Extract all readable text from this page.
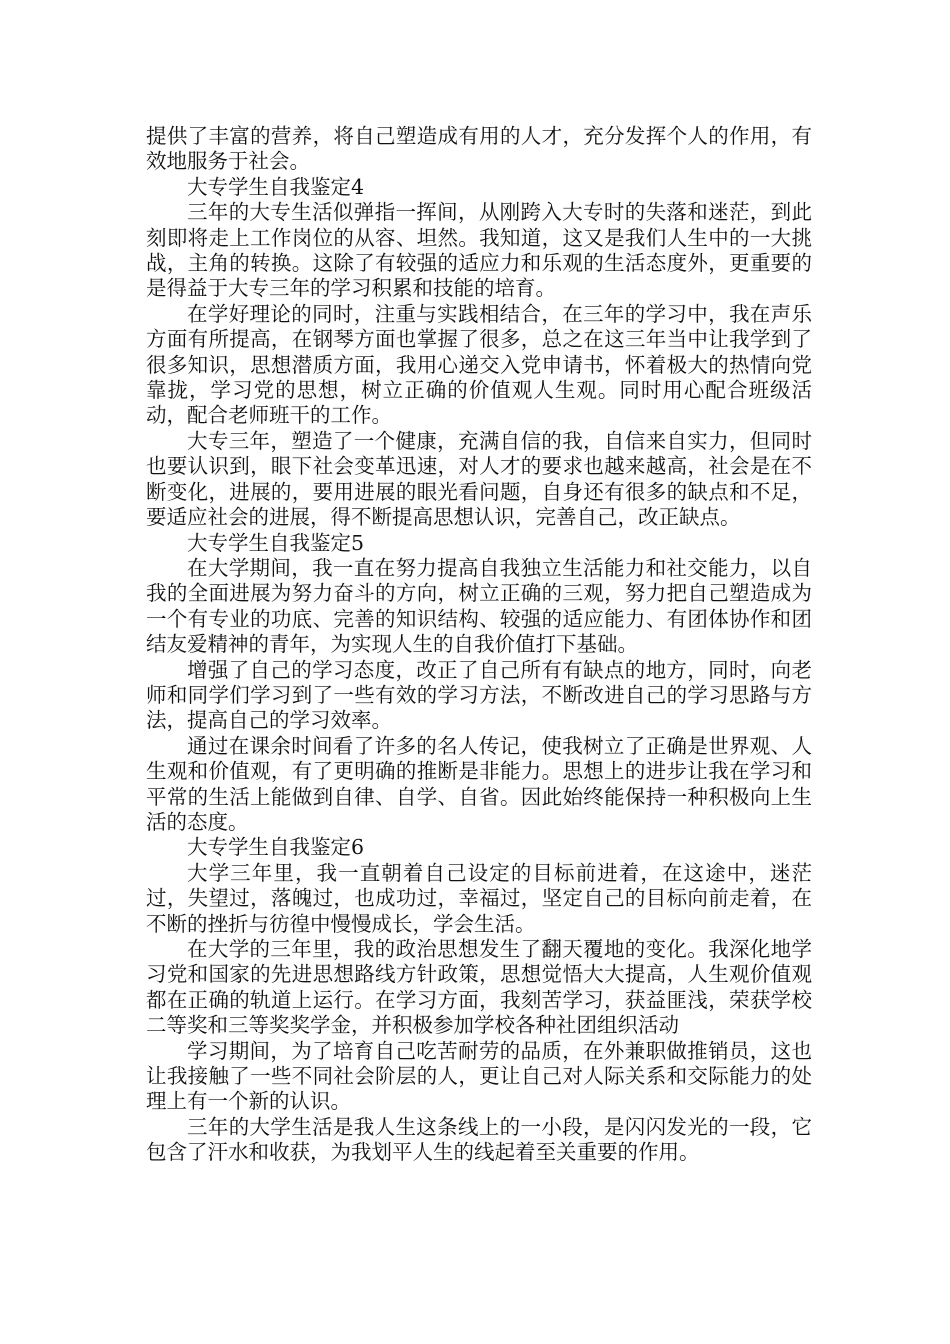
提供了丰富的营养，将自己塑造成有用的人才，充分发挥个人的作用，有效地服务于社会。

大专学生自我鉴定4

三年的大专生活似弹指一挥间，从刚跨入大专时的失落和迷茫，到此刻即将走上工作岗位的从容、坦然。我知道，这又是我们人生中的一大挑战，主角的转换。这除了有较强的适应力和乐观的生活态度外，更重要的是得益于大专三年的学习积累和技能的培育。

在学好理论的同时，注重与实践相结合，在三年的学习中，我在声乐方面有所提高，在钢琴方面也掌握了很多，总之在这三年当中让我学到了很多知识，思想潜质方面，我用心递交入党申请书，怀着极大的热情向党靠拢，学习党的思想，树立正确的价值观人生观。同时用心配合班级活动，配合老师班干的工作。

大专三年，塑造了一个健康，充满自信的我，自信来自实力，但同时也要认识到，眼下社会变革迅速，对人才的要求也越来越高，社会是在不断变化，进展的，要用进展的眼光看问题，自身还有很多的缺点和不足，要适应社会的进展，得不断提高思想认识，完善自己，改正缺点。

大专学生自我鉴定5

在大学期间，我一直在努力提高自我独立生活能力和社交能力，以自我的全面进展为努力奋斗的方向，树立正确的三观，努力把自己塑造成为一个有专业的功底、完善的知识结构、较强的适应能力、有团体协作和团结友爱精神的青年，为实现人生的自我价值打下基础。

增强了自己的学习态度，改正了自己所有有缺点的地方，同时，向老师和同学们学习到了一些有效的学习方法，不断改进自己的学习思路与方法，提高自己的学习效率。

通过在课余时间看了许多的名人传记，使我树立了正确是世界观、人生观和价值观，有了更明确的推断是非能力。思想上的进步让我在学习和平常的生活上能做到自律、自学、自省。因此始终能保持一种积极向上生活的态度。

大专学生自我鉴定6

大学三年里，我一直朝着自己设定的目标前进着，在这途中，迷茫过，失望过，落魄过，也成功过，幸福过，坚定自己的目标向前走着，在不断的挫折与彷徨中慢慢成长，学会生活。

在大学的三年里，我的政治思想发生了翻天覆地的变化。我深化地学习党和国家的先进思想路线方针政策，思想觉悟大大提高，人生观价值观都在正确的轨道上运行。在学习方面，我刻苦学习，获益匪浅，荣获学校二等奖和三等奖奖学金，并积极参加学校各种社团组织活动

学习期间，为了培育自己吃苦耐劳的品质，在外兼职做推销员，这也让我接触了一些不同社会阶层的人，更让自己对人际关系和交际能力的处理上有一个新的认识。

三年的大学生活是我人生这条线上的一小段，是闪闪发光的一段，它包含了汗水和收获，为我划平人生的线起着至关重要的作用。
